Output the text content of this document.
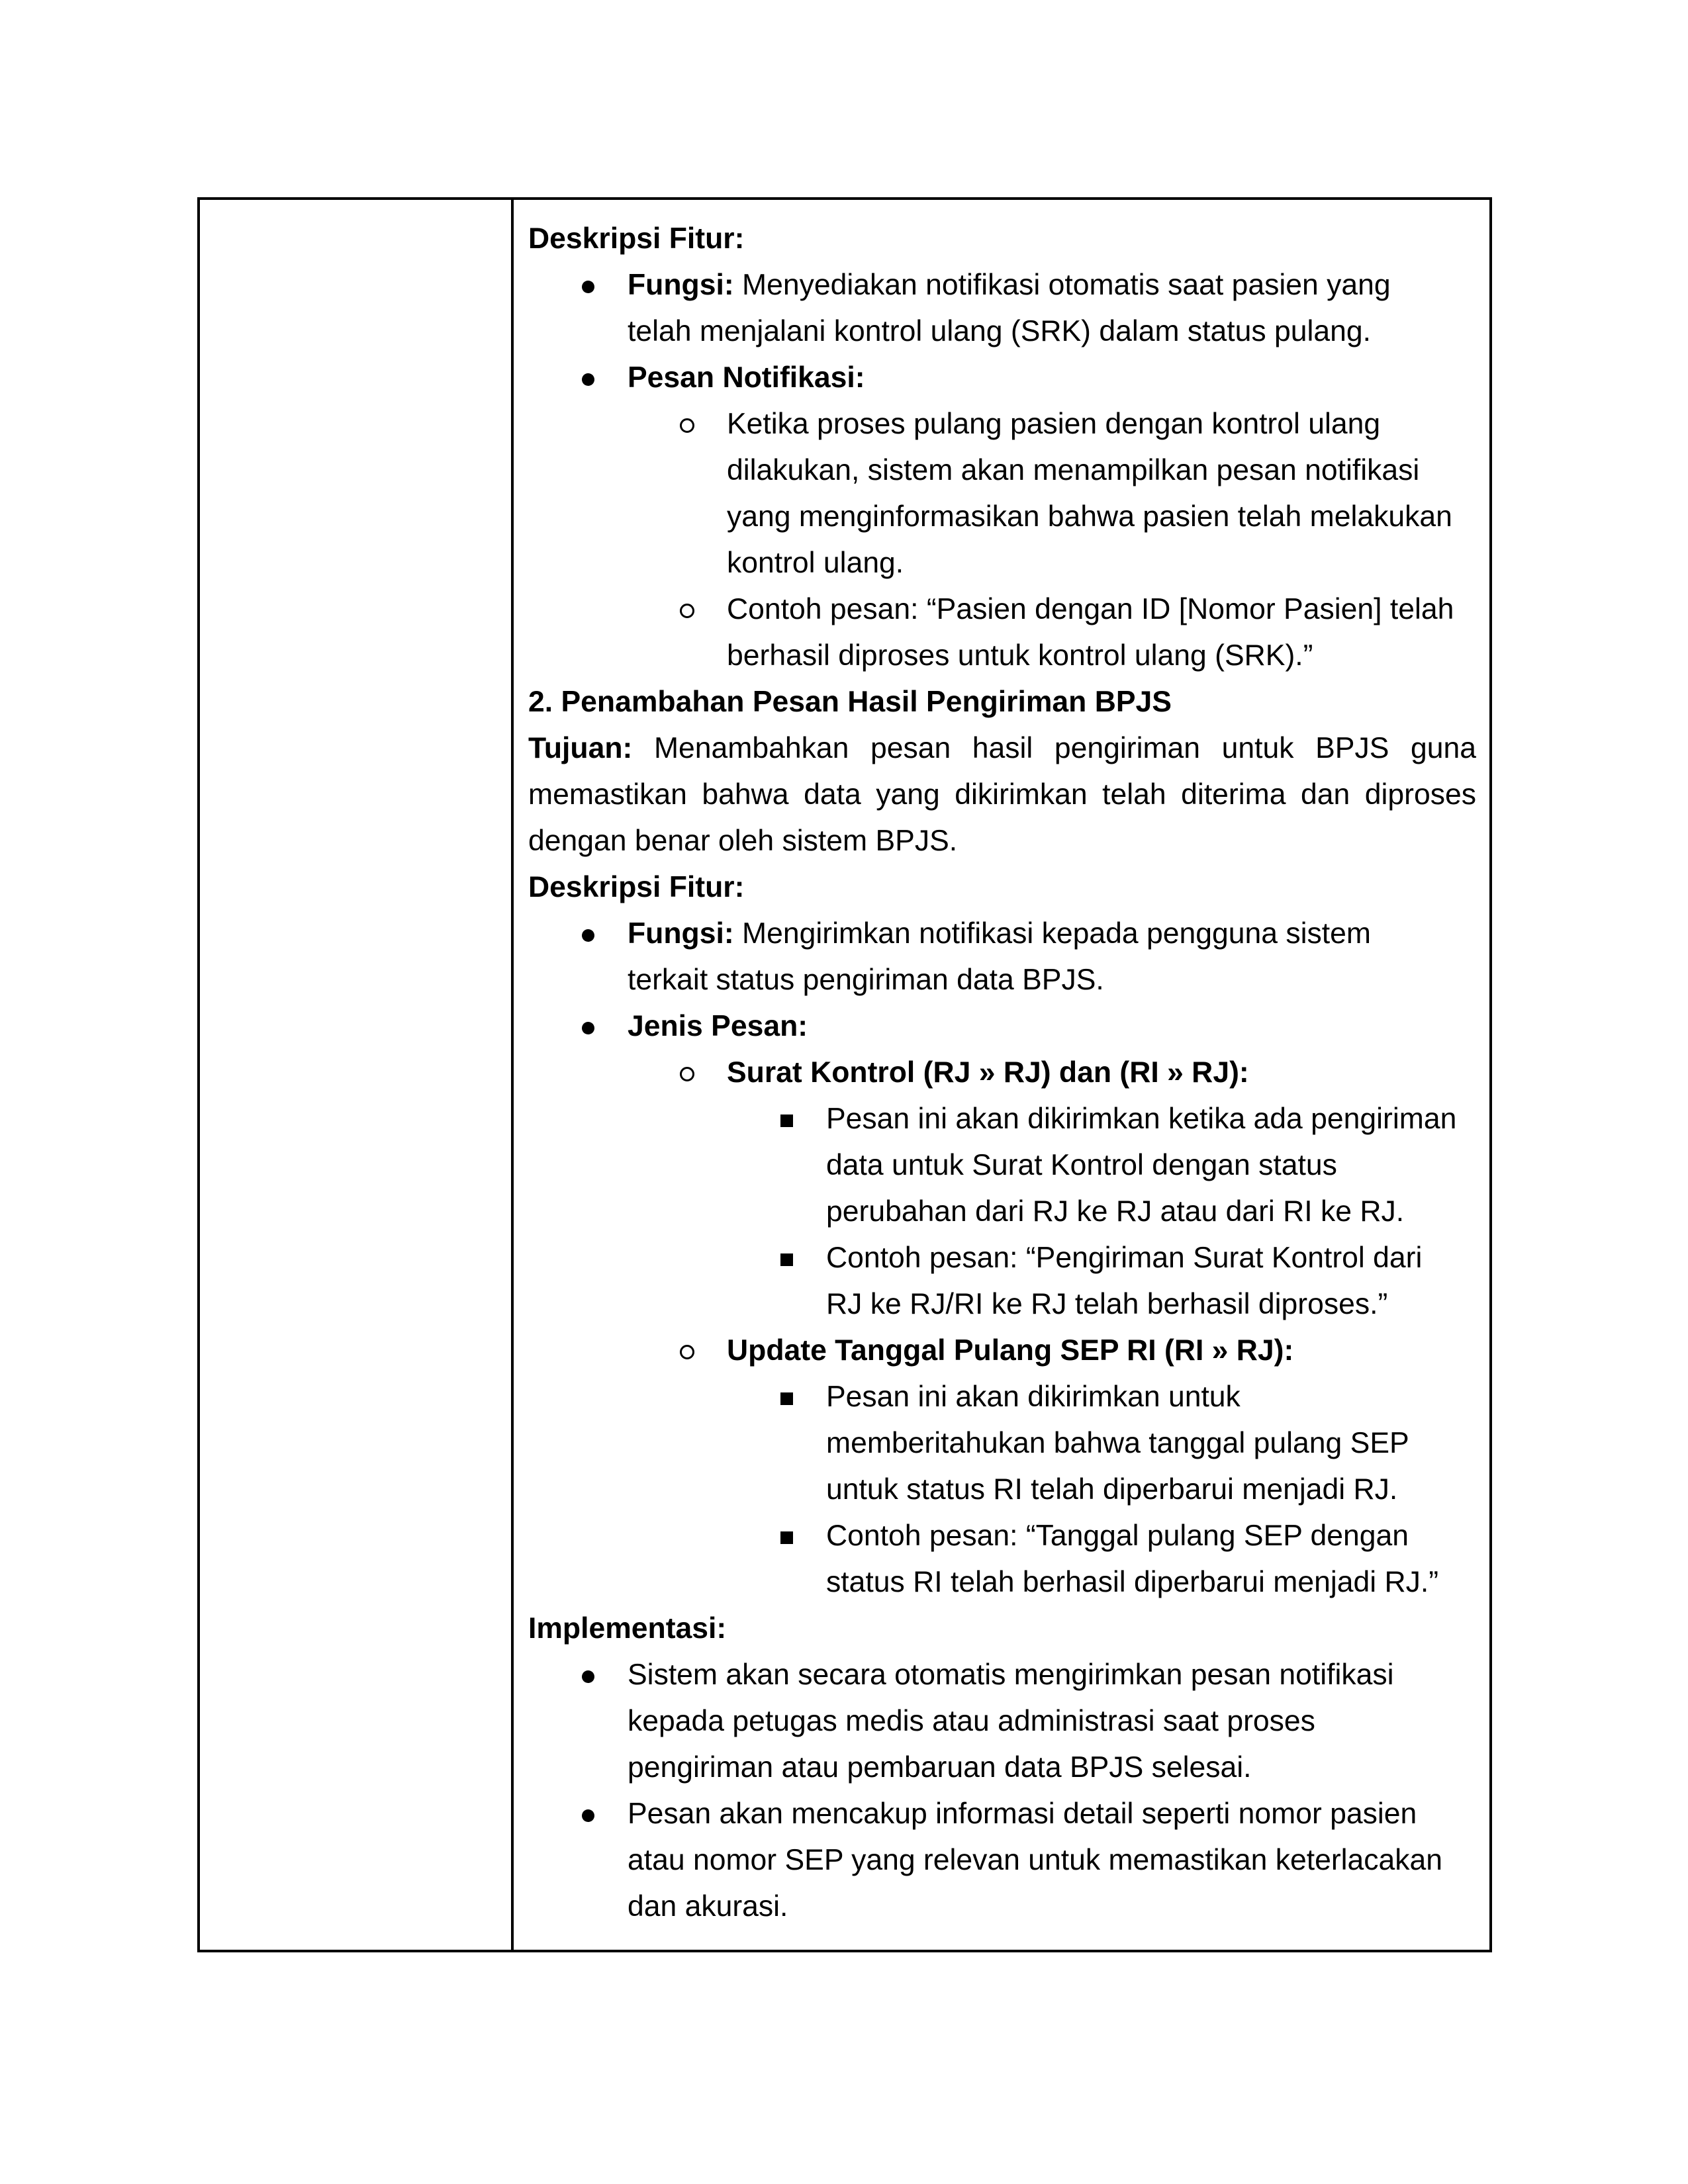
Deskripsi Fitur:
Fungsi: Menyediakan notifikasi otomatis saat pasien yang
telah menjalani kontrol ulang (SRK) dalam status pulang.
Pesan Notifikasi:
Ketika proses pulang pasien dengan kontrol ulang
dilakukan, sistem akan menampilkan pesan notifikasi
yang menginformasikan bahwa pasien telah melakukan
kontrol ulang.
Contoh pesan: “Pasien dengan ID [Nomor Pasien] telah
berhasil diproses untuk kontrol ulang (SRK).”
2. Penambahan Pesan Hasil Pengiriman BPJS
Tujuan: Menambahkan pesan hasil pengiriman untuk BPJS guna memastikan bahwa data yang dikirimkan telah diterima dan diproses dengan benar oleh sistem BPJS.
Deskripsi Fitur:
Fungsi: Mengirimkan notifikasi kepada pengguna sistem
terkait status pengiriman data BPJS.
Jenis Pesan:
Surat Kontrol (RJ » RJ) dan (RI » RJ):
Pesan ini akan dikirimkan ketika ada pengiriman
data untuk Surat Kontrol dengan status
perubahan dari RJ ke RJ atau dari RI ke RJ.
Contoh pesan: “Pengiriman Surat Kontrol dari
RJ ke RJ/RI ke RJ telah berhasil diproses.”
Update Tanggal Pulang SEP RI (RI » RJ):
Pesan ini akan dikirimkan untuk
memberitahukan bahwa tanggal pulang SEP
untuk status RI telah diperbarui menjadi RJ.
Contoh pesan: “Tanggal pulang SEP dengan
status RI telah berhasil diperbarui menjadi RJ.”
Implementasi:
Sistem akan secara otomatis mengirimkan pesan notifikasi
kepada petugas medis atau administrasi saat proses
pengiriman atau pembaruan data BPJS selesai.
Pesan akan mencakup informasi detail seperti nomor pasien
atau nomor SEP yang relevan untuk memastikan keterlacakan
dan akurasi.
